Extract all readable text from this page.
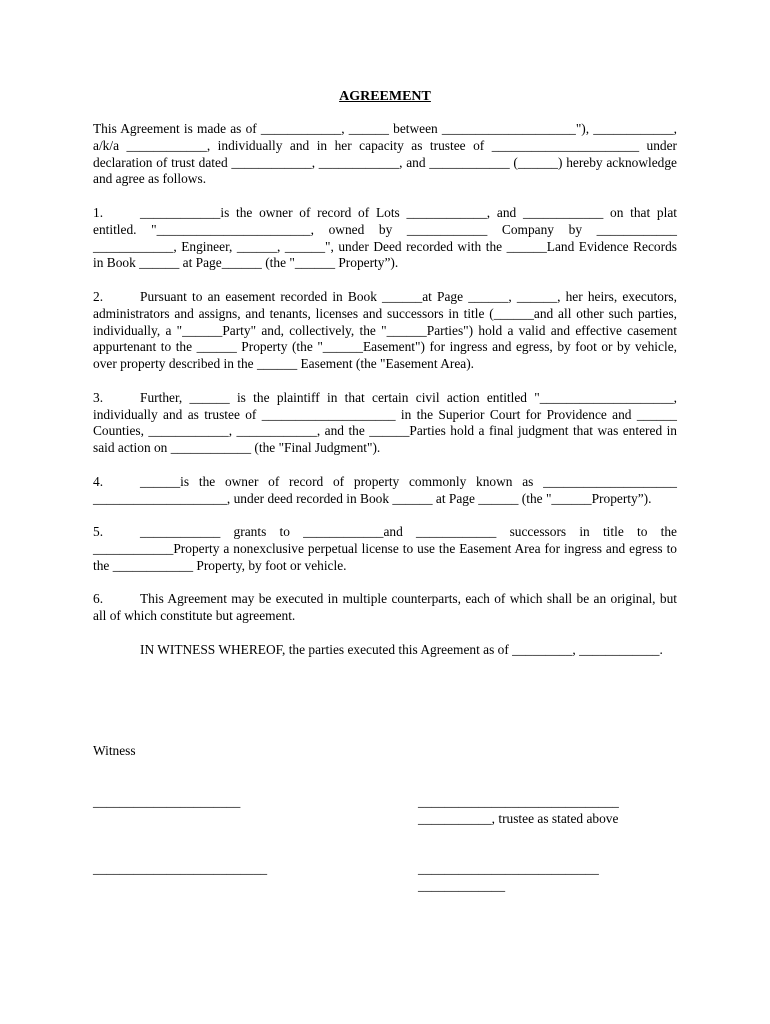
AGREEMENT

This Agreement is made as of ____________, ______ between ____________________"), ____________, a/k/a ____________, individually and in her capacity as trustee of ______________________ under declaration of trust dated ____________, ____________, and ____________ (______) hereby acknowledge and agree as follows.

1.	____________is the owner of record of Lots ____________, and ____________ on that plat entitled. "_______________________, owned by ____________ Company by ____________ ____________, Engineer, ______, ______", under Deed recorded with the ______Land Evidence Records in Book ______ at Page______ (the "______ Property”).

2.	Pursuant to an easement recorded in Book ______at Page ______, ______, her heirs, executors, administrators and assigns, and tenants, licenses and successors in title (______and all other such parties, individually, a "______Party" and, collectively, the "______Parties") hold a valid and effective casement appurtenant to the ______ Property (the "______Easement") for ingress and egress, by foot or by vehicle, over property described in the ______ Easement (the "Easement Area).

3.	Further, ______ is the plaintiff in that certain civil action entitled "____________________, individually and as trustee of ____________________ in the Superior Court for Providence and ______ Counties, ____________, ____________, and the ______Parties hold a final judgment that was entered in said action on ____________ (the "Final Judgment").

4.	______is the owner of record of property commonly known as ____________________ ____________________, under deed recorded in Book ______ at Page ______ (the "______Property”).

5.	____________ grants to ____________and ____________ successors in title to the ____________Property a nonexclusive perpetual license to use the Easement Area for ingress and egress to the ____________ Property, by foot or vehicle.

6.	This Agreement may be executed in multiple counterparts, each of which shall be an original, but all of which constitute but agreement.

IN WITNESS WHEREOF, the parties executed this Agreement as of _________, ____________.

Witness
______________________	______________________________
___________, trustee as stated above
__________________________	___________________________
_____________
